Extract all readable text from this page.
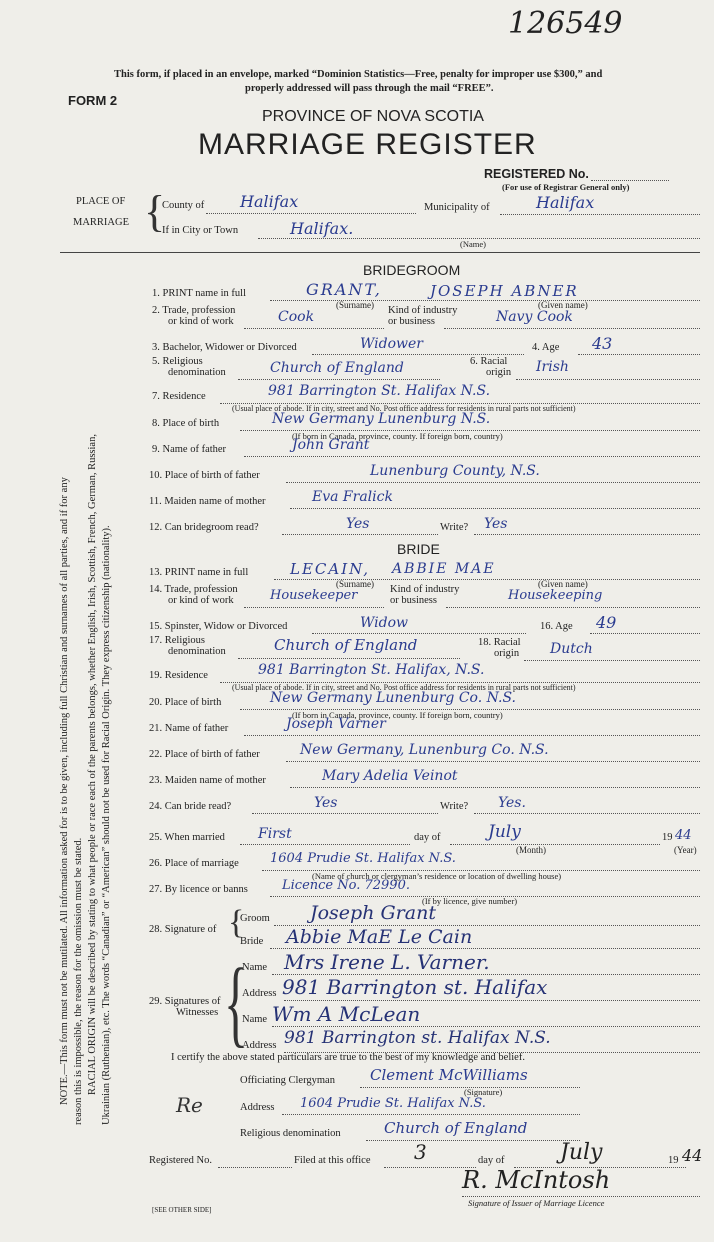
126549
This form, if placed in an envelope, marked “Dominion Statistics—Free, penalty for improper use $300,” and
properly addressed will pass through the mail “FREE”.
FORM 2
PROVINCE OF NOVA SCOTIA
MARRIAGE REGISTER
REGISTERED No.
(For use of Registrar General only)
PLACE OF
MARRIAGE {
County of Halifax	Municipality of	Halifax
If in City or Town	Halifax.
(Name)
BRIDEGROOM
1. PRINT name in full	GRANT,	JOSEPH ABNER
(Surname)	(Given name)
2. Trade, profession
or kind of work	Cook	Kind of industry
or business	Navy Cook
3. Bachelor, Widower or Divorced	Widower	4. Age 43
5. Religious
denomination	Church of England	6. Racial
origin Irish
7. Residence	981 Barrington St. Halifax N.S.
(Usual place of abode. If in city, street and No. Post office address for residents in rural parts not sufficient)
8. Place of birth	New Germany Lunenburg N.S.
(If born in Canada, province, county. If foreign born, country)
9. Name of father	John Grant
10. Place of birth of father	Lunenburg County, N.S.
11. Maiden name of mother	Eva Fralick
12. Can bridegroom read?	Yes	Write? Yes
BRIDE
13. PRINT name in full	LECAIN, ABBIE MAE
(Surname)	(Given name)
14. Trade, profession
or kind of work	Housekeeper	Kind of industry
or business	Housekeeping
15. Spinster, Widow or Divorced	Widow	16. Age 49
17. Religious
denomination	Church of England	18. Racial
origin Dutch
19. Residence	981 Barrington St. Halifax, N.S.
(Usual place of abode. If in city, street and No. Post office address for residents in rural parts not sufficient)
20. Place of birth	New Germany Lunenburg Co. N.S.
(If born in Canada, province, county. If foreign born, country)
21. Name of father	Joseph Varner
22. Place of birth of father	New Germany, Lunenburg Co. N.S.
23. Maiden name of mother	Mary Adelia Veinot
24. Can bride read?	Yes	Write? Yes.
25. When married First	day of	July
(Month)
19 44
(Year)
26. Place of marriage 1604 Prudie St. Halifax N.S.
(Name of church or clergyman’s residence or location of dwelling house)
27. By licence or banns	Licence No. 72990.
(If by licence, give number)
28. Signature of {
Groom Joseph Grant
Bride Abbie MaE Le Cain
29. Signatures of
Witnesses {
Name Mrs Irene L. Varner.
Address 981 Barrington st. Halifax
Name Wm A McLean
Address 981 Barrington st. Halifax N.S.
I certify the above stated particulars are true to the best of my knowledge and belief.
Officiating Clergyman Clement McWilliams
(Signature)
Re	Address 1604 Prudie St. Halifax N.S.
Religious denomination	Church of England
Registered No.	Filed at this office 3	day of	July	19 44
R. McIntosh
Signature of Issuer of Marriage Licence
[SEE OTHER SIDE]
NOTE.—This form must not be mutilated. All information asked for is to be given, including full Christian and surnames of all parties, and if for any reason this is impossible, the reason for the omission must be stated. RACIAL ORIGIN will be described by stating to what people or race each of the parents belongs, whether English, Irish, Scottish, French, German, Russian, Ukrainian (Ruthenian), etc. The words “Canadian” or “American” should not be used for Racial Origin. They express citizenship (nationality).
